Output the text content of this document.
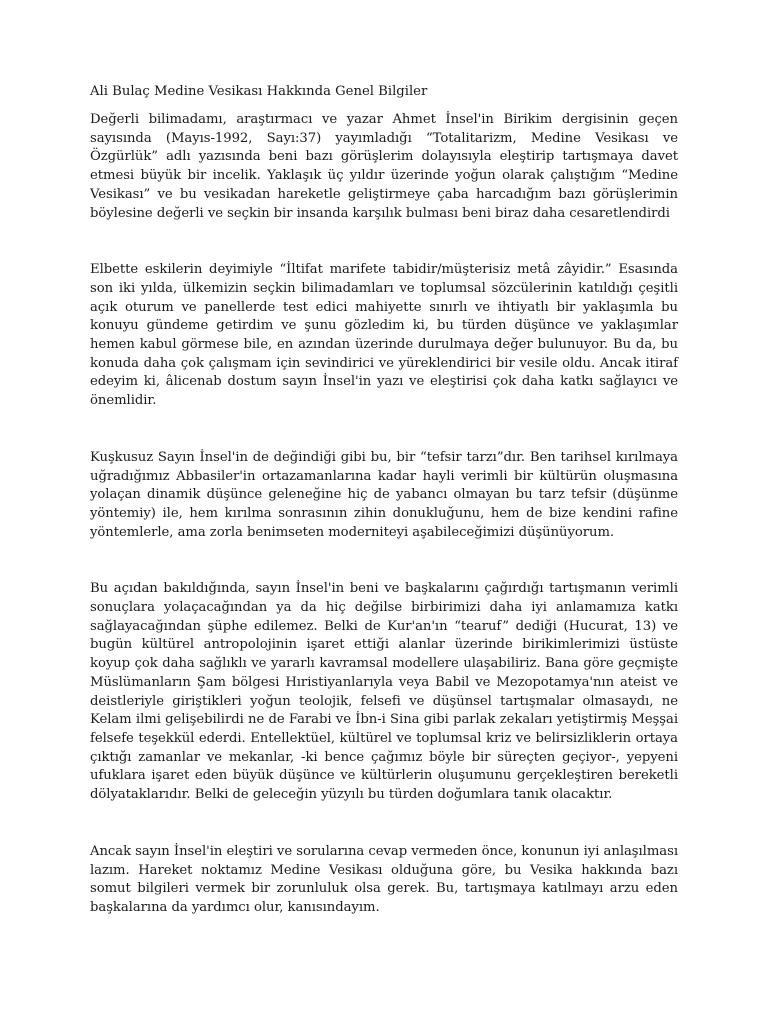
Ali Bulaç Medine Vesikası Hakkında Genel Bilgiler

Değerli bilimadamı, araştırmacı ve yazar Ahmet İnsel'in Birikim dergisinin geçen sayısında (Mayıs-1992, Sayı:37) yayımladığı “Totalitarizm, Medine Vesikası ve Özgürlük” adlı yazısında beni bazı görüşlerim dolayısıyla eleştirip tartışmaya davet etmesi büyük bir incelik. Yaklaşık üç yıldır üzerinde yoğun olarak çalıştığım “Medine Vesikası” ve bu vesikadan hareketle geliştirmeye çaba harcadığım bazı görüşlerimin böylesine değerli ve seçkin bir insanda karşılık bulması beni biraz daha cesaretlendirdi

Elbette eskilerin deyimiyle “İltifat marifete tabidir/müşterisiz metâ zâyidir.” Esasında son iki yılda, ülkemizin seçkin bilimadamları ve toplumsal sözcülerinin katıldığı çeşitli açık oturum ve panellerde test edici mahiyette sınırlı ve ihtiyatlı bir yaklaşımla bu konuyu gündeme getirdim ve şunu gözledim ki, bu türden düşünce ve yaklaşımlar hemen kabul görmese bile, en azından üzerinde durulmaya değer bulunuyor. Bu da, bu konuda daha çok çalışmam için sevindirici ve yüreklendirici bir vesile oldu. Ancak itiraf edeyim ki, âlicenab dostum sayın İnsel'in yazı ve eleştirisi çok daha katkı sağlayıcı ve önemlidir.

Kuşkusuz Sayın İnsel'in de değindiği gibi bu, bir “tefsir tarzı”dır. Ben tarihsel kırılmaya uğradığımız Abbasiler'in ortazamanlarına kadar hayli verimli bir kültürün oluşmasına yolaçan dinamik düşünce geleneğine hiç de yabancı olmayan bu tarz tefsir (düşünme yöntemiy) ile, hem kırılma sonrasının zihin donukluğunu, hem de bize kendini rafine yöntemlerle, ama zorla benimseten moderniteyi aşabileceğimizi düşünüyorum.

Bu açıdan bakıldığında, sayın İnsel'in beni ve başkalarını çağırdığı tartışmanın verimli sonuçlara yolaçacağından ya da hiç değilse birbirimizi daha iyi anlamamıza katkı sağlayacağından şüphe edilemez. Belki de Kur'an'ın “tearuf” dediği (Hucurat, 13) ve bugün kültürel antropolojinin işaret ettiği alanlar üzerinde birikimlerimizi üstüste koyup çok daha sağlıklı ve yararlı kavramsal modellere ulaşabiliriz. Bana göre geçmişte Müslümanların Şam bölgesi Hıristiyanlarıyla veya Babil ve Mezopotamya'nın ateist ve deistleriyle giriştikleri yoğun teolojik, felsefi ve düşünsel tartışmalar olmasaydı, ne Kelam ilmi gelişebilirdi ne de Farabi ve İbn-i Sina gibi parlak zekaları yetiştirmiş Meşşai felsefe teşekkül ederdi. Entellektüel, kültürel ve toplumsal kriz ve belirsizliklerin ortaya çıktığı zamanlar ve mekanlar, -ki bence çağımız böyle bir süreçten geçiyor-, yepyeni ufuklara işaret eden büyük düşünce ve kültürlerin oluşumunu gerçekleştiren bereketli dölyataklarıdır. Belki de geleceğin yüzyılı bu türden doğumlara tanık olacaktır.

Ancak sayın İnsel'in eleştiri ve sorularına cevap vermeden önce, konunun iyi anlaşılması lazım. Hareket noktamız Medine Vesikası olduğuna göre, bu Vesika hakkında bazı somut bilgileri vermek bir zorunluluk olsa gerek. Bu, tartışmaya katılmayı arzu eden başkalarına da yardımcı olur, kanısındayım.
